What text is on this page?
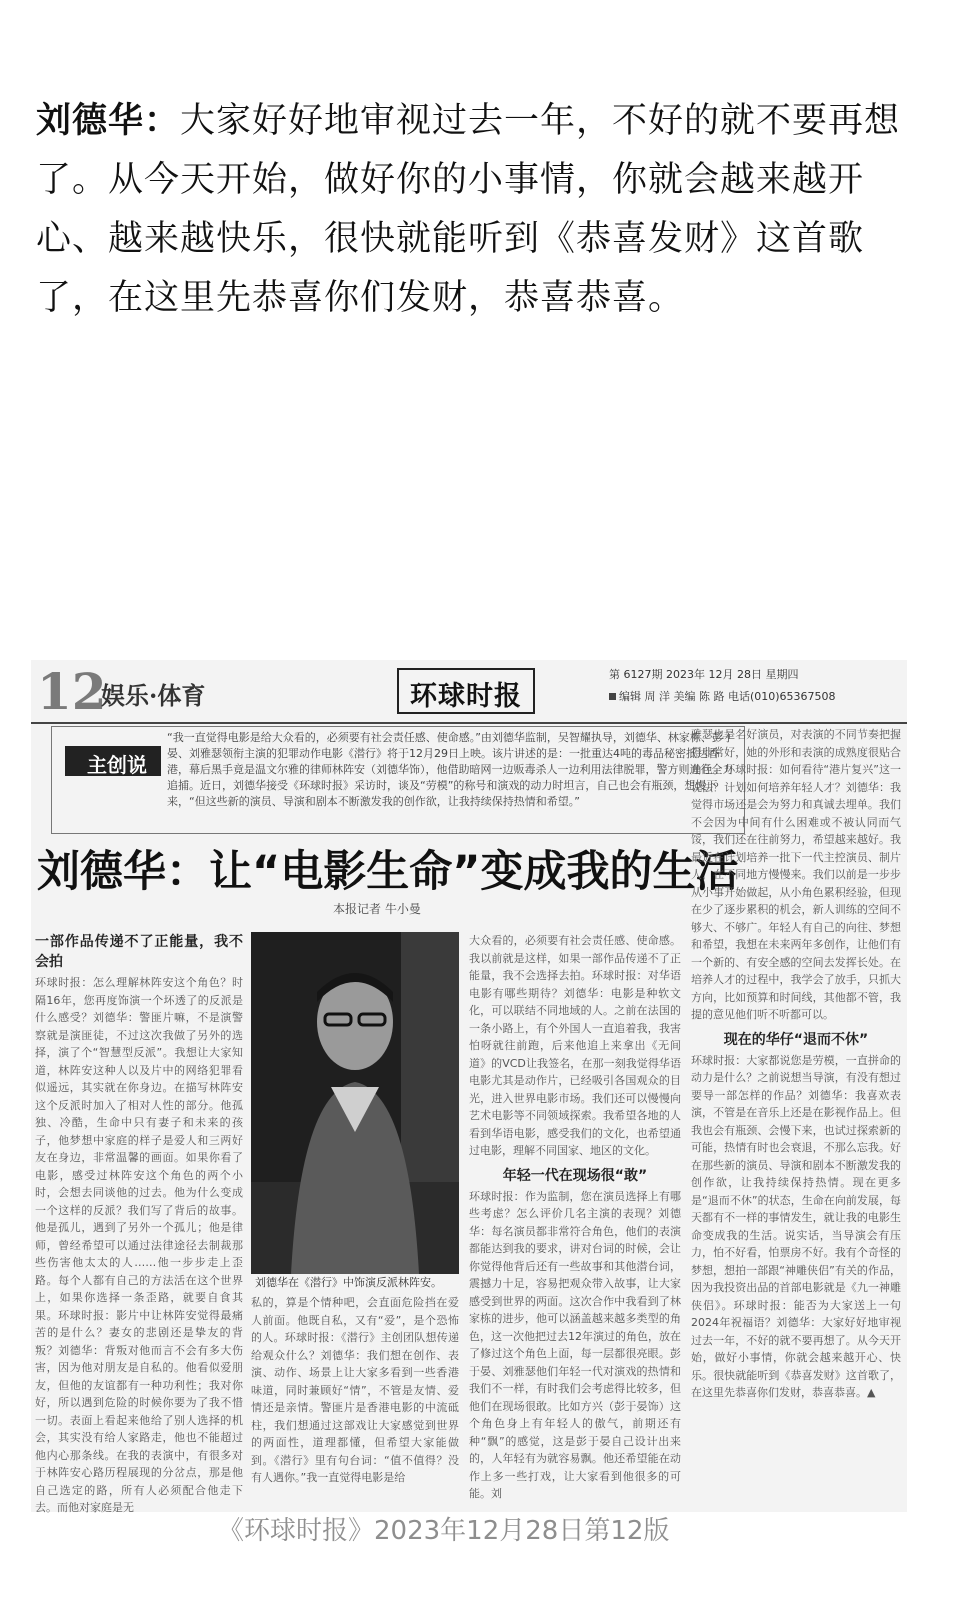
刘德华：大家好好地审视过去一年，不好的就不要再想了。从今天开始，做好你的小事情，你就会越来越开心、越来越快乐，很快就能听到《恭喜发财》这首歌了，在这里先恭喜你们发财，恭喜恭喜。
12
娱乐·体育	环球时报
第 6127期 2023年 12月 28日 星期四
编辑 周 洋 美编 陈 路 电话(010)65367508
主创说
“我一直觉得电影是给大众看的，必须要有社会责任感、使命感。”由刘德华监制，吴智耀执导，刘德华、林家栋、彭于晏、刘雅瑟领衔主演的犯罪动作电影《潜行》将于12月29日上映。该片讲述的是：一批重达4吨的毒品秘密抵达香港，幕后黑手竟是温文尔雅的律师林阵安（刘德华饰），他借助暗网一边贩毒杀人一边利用法律脱罪，警方则进行全力追捕。近日，刘德华接受《环球时报》采访时，谈及“劳模”的称号和演戏的动力时坦言，自己也会有瓶颈，想慢下来，“但这些新的演员、导演和剧本不断激发我的创作欲，让我持续保持热情和希望。”
刘德华：让“电影生命”变成我的生活
本报记者 牛小曼
一部作品传递不了正能量，我不会拍
环球时报：怎么理解林阵安这个角色？时隔16年，您再度饰演一个坏透了的反派是什么感受？刘德华：警匪片嘛，不是演警察就是演匪徒，不过这次我做了另外的选择，演了个“智慧型反派”。我想让大家知道，林阵安这种人以及片中的网络犯罪看似遥远，其实就在你身边。在描写林阵安这个反派时加入了相对人性的部分。他孤独、冷酷，生命中只有妻子和未来的孩子，他梦想中家庭的样子是爱人和三两好友在身边，非常温馨的画面。如果你看了电影，感受过林阵安这个角色的两个小时，会想去同谈他的过去。他为什么变成一个这样的反派？我们写了背后的故事。他是孤儿，遇到了另外一个孤儿；他是律师，曾经希望可以通过法律途径去制裁那些伤害他太太的人……他一步步走上歪路。每个人都有自己的方法活在这个世界上，如果你选择一条歪路，就要自食其果。环球时报：影片中让林阵安觉得最痛苦的是什么？妻女的悲剧还是挚友的背叛？刘德华：背叛对他而言不会有多大伤害，因为他对朋友是自私的。他看似爱朋友，但他的友谊都有一种功利性；我对你好，所以遇到危险的时候你要为了我不惜一切。表面上看起来他给了别人选择的机会，其实没有给人家路走，他也不能超过他内心那条线。在我的表演中，有很多对于林阵安心路历程展现的分岔点，那是他自己选定的路，所有人必须配合他走下去。而他对家庭是无
刘德华在《潜行》中饰演反派林阵安。
私的，算是个情种吧，会直面危险挡在爱人前面。他既自私，又有“爱”，是个恐怖的人。环球时报：《潜行》主创团队想传递给观众什么？刘德华：我们想在创作、表演、动作、场景上让大家多看到一些香港味道，同时兼顾好“情”，不管是友情、爱情还是亲情。警匪片是香港电影的中流砥柱，我们想通过这部戏让大家感觉到世界的两面性，道理都懂，但希望大家能做到。《潜行》里有句台词：“值不值得？没有人遇你。”我一直觉得电影是给
大众看的，必须要有社会责任感、使命感。我以前就是这样，如果一部作品传递不了正能量，我不会选择去拍。环球时报：对华语电影有哪些期待？刘德华：电影是种软文化，可以联结不同地域的人。之前在法国的一条小路上，有个外国人一直追着我，我害怕呀就往前跑，后来他追上来拿出《无间道》的VCD让我签名，在那一刻我觉得华语电影尤其是动作片，已经吸引各国观众的目光，进入世界电影市场。我们还可以慢慢向艺术电影等不同领域探索。我希望各地的人看到华语电影，感受我们的文化，也希望通过电影，理解不同国家、地区的文化。
年轻一代在现场很“敢”
环球时报：作为监制，您在演员选择上有哪些考虑？怎么评价几名主演的表现？刘德华：每名演员都非常符合角色，他们的表演都能达到我的要求，讲对台词的时候，会让你觉得他背后还有一些故事和其他潜台词，震撼力十足，容易把观众带入故事，让大家感受到世界的两面。这次合作中我看到了林家栋的进步，他可以涵盖越来越多类型的角色，这一次他把过去12年演过的角色，放在了修过这个角色上面，每一层都很亮眼。彭于晏、刘雅瑟他们年轻一代对演戏的热情和我们不一样，有时我们会考虑得比较多，但他们在现场很敢。比如方兴（彭于晏饰）这个角色身上有年轻人的傲气，前期还有种“飘”的感觉，这是彭于晏自己设计出来的，人年轻有为就容易飘。他还希望能在动作上多一些打戏，让大家看到他很多的可能。刘
雅瑟也是名好演员，对表演的不同节奏把握得非常好，她的外形和表演的成熟度很贴合角色。环球时报：如何看待“港片复兴”这一说法？计划如何培养年轻人才？刘德华：我觉得市场还是会为努力和真诚去埋单。我们不会因为中间有什么困难或不被认同而气馁，我们还在往前努力，希望越来越好。我最近在计划培养一批下一代主控演员、制片人，在不同地方慢慢来。我们以前是一步步从小事开始做起，从小角色累积经验，但现在少了逐步累积的机会，新人训练的空间不够大、不够广。年轻人有自己的向往、梦想和希望，我想在未来两年多创作，让他们有一个新的、有安全感的空间去发挥长处。在培养人才的过程中，我学会了放手，只抓大方向，比如预算和时间线，其他都不管，我提的意见他们听不听都可以。
现在的华仔“退而不休”
环球时报：大家都说您是劳模，一直拼命的动力是什么？之前说想当导演，有没有想过要导一部怎样的作品？刘德华：我喜欢表演，不管是在音乐上还是在影视作品上。但我也会有瓶颈、会慢下来，也试过探索新的可能，热情有时也会衰退，不那么忘我。好在那些新的演员、导演和剧本不断激发我的创作欲，让我持续保持热情。现在更多是“退而不休”的状态，生命在向前发展，每天都有不一样的事情发生，就让我的电影生命变成我的生活。说实话，当导演会有压力，怕不好看，怕票房不好。我有个奇怪的梦想，想拍一部跟“神雕侠侣”有关的作品，因为我投资出品的首部电影就是《九一神雕侠侣》。环球时报：能否为大家送上一句2024年祝福语？刘德华：大家好好地审视过去一年，不好的就不要再想了。从今天开始，做好小事情，你就会越来越开心、快乐。很快就能听到《恭喜发财》这首歌了，在这里先恭喜你们发财，恭喜恭喜。▲
《环球时报》2023年12月28日第12版
